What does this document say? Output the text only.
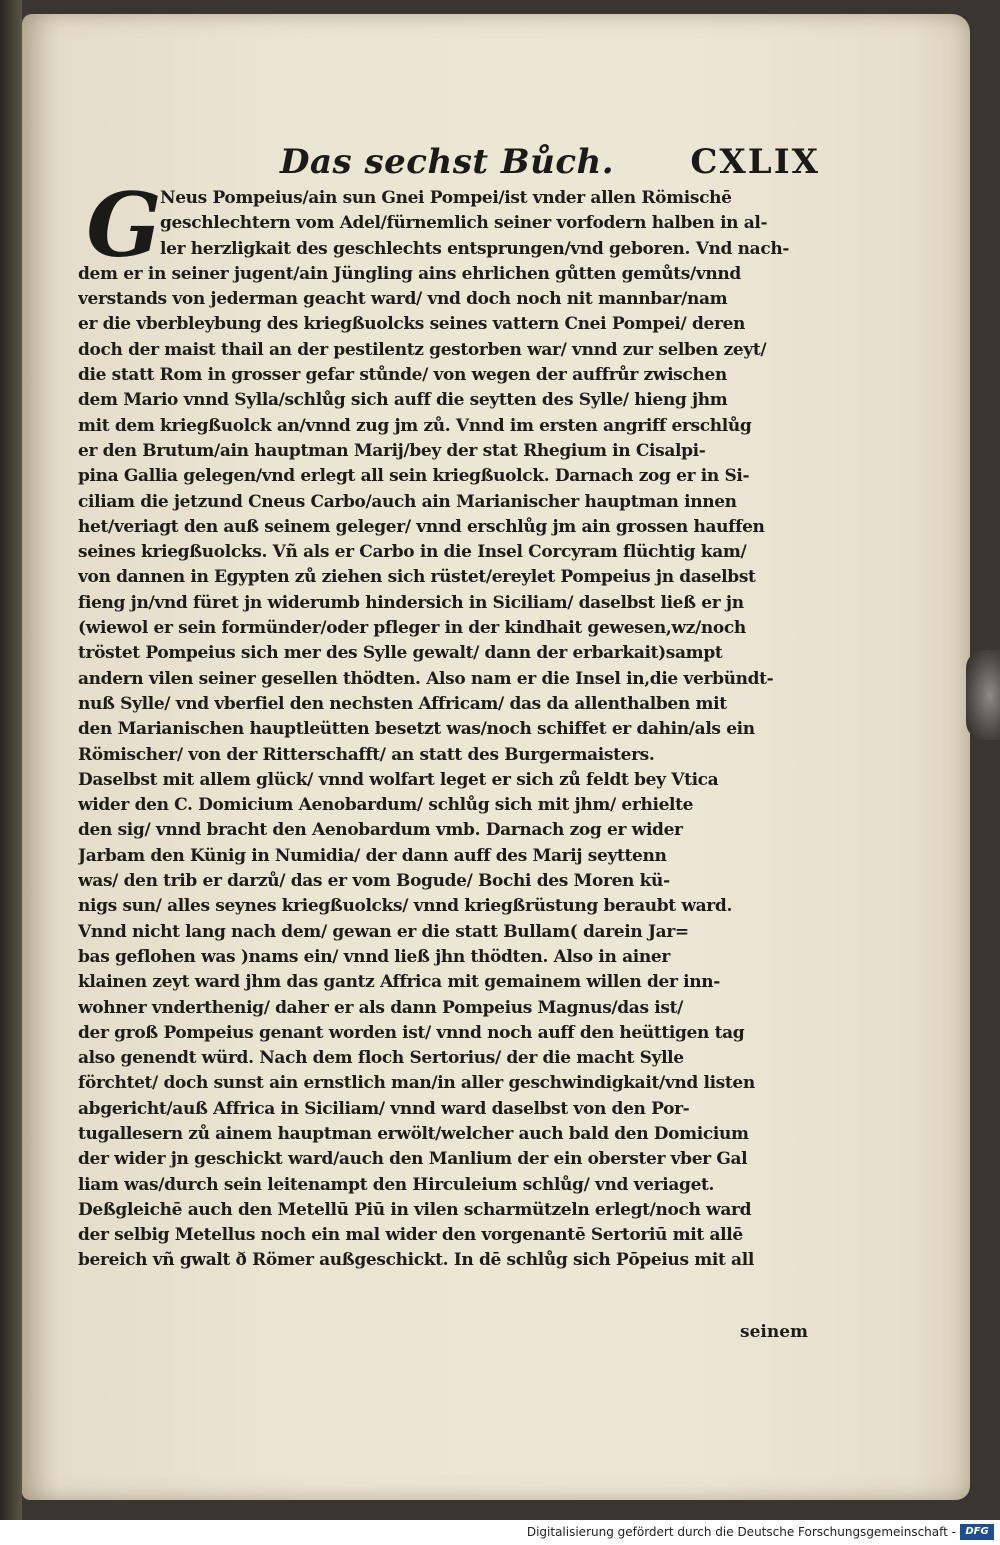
Das sechst Bůch. CXLIX
G
Neus Pompeius/ain sun Gnei Pompei/ist vnder allen Römischē
geschlechtern vom Adel/fürnemlich seiner vorfodern halben in al-
ler herzligkait des geschlechts entsprungen/vnd geboren. Vnd nach-
dem er in seiner jugent/ain Jüngling ains ehrlichen gůtten gemůts/vnnd
verstands von jederman geacht ward/ vnd doch noch nit mannbar/nam
er die vberbleybung des kriegßuolcks seines vattern Cnei Pompei/ deren
doch der maist thail an der pestilentz gestorben war/ vnnd zur selben zeyt/
die statt Rom in grosser gefar stůnde/ von wegen der auffrůr zwischen
dem Mario vnnd Sylla/schlůg sich auff die seytten des Sylle/ hieng jhm
mit dem kriegßuolck an/vnnd zug jm zů. Vnnd im ersten angriff erschlůg
er den Brutum/ain hauptman Marij/bey der stat Rhegium in Cisalpi-
pina Gallia gelegen/vnd erlegt all sein kriegßuolck. Darnach zog er in Si-
ciliam die jetzund Cneus Carbo/auch ain Marianischer hauptman innen
het/veriagt den auß seinem geleger/ vnnd erschlůg jm ain grossen hauffen
seines kriegßuolcks. Vñ als er Carbo in die Insel Corcyram flüchtig kam/
von dannen in Egypten zů ziehen sich rüstet/ereylet Pompeius jn daselbst
fieng jn/vnd füret jn widerumb hindersich in Siciliam/ daselbst ließ er jn
(wiewol er sein formünder/oder pfleger in der kindhait gewesen,wz/noch
tröstet Pompeius sich mer des Sylle gewalt/ dann der erbarkait)sampt
andern vilen seiner gesellen thödten. Also nam er die Insel in,die verbündt-
nuß Sylle/ vnd vberfiel den nechsten Affricam/ das da allenthalben mit
den Marianischen hauptleütten besetzt was/noch schiffet er dahin/als ein
Römischer/ von der Ritterschafft/ an statt des Burgermaisters.
Daselbst mit allem glück/ vnnd wolfart leget er sich zů feldt bey Vtica
wider den C. Domicium Aenobardum/ schlůg sich mit jhm/ erhielte
den sig/ vnnd bracht den Aenobardum vmb. Darnach zog er wider
Jarbam den Künig in Numidia/ der dann auff des Marij seyttenn
was/ den trib er darzů/ das er vom Bogude/ Bochi des Moren kü-
nigs sun/ alles seynes kriegßuolcks/ vnnd kriegßrüstung beraubt ward.
Vnnd nicht lang nach dem/ gewan er die statt Bullam( darein Jar=
bas geflohen was )nams ein/ vnnd ließ jhn thödten. Also in ainer
klainen zeyt ward jhm das gantz Affrica mit gemainem willen der inn-
wohner vnderthenig/ daher er als dann Pompeius Magnus/das ist/
der groß Pompeius genant worden ist/ vnnd noch auff den heüttigen tag
also genendt würd. Nach dem floch Sertorius/ der die macht Sylle
förchtet/ doch sunst ain ernstlich man/in aller geschwindigkait/vnd listen
abgericht/auß Affrica in Siciliam/ vnnd ward daselbst von den Por-
tugallesern zů ainem hauptman erwölt/welcher auch bald den Domicium
der wider jn geschickt ward/auch den Manlium der ein oberster vber Gal
liam was/durch sein leitenampt den Hirculeium schlůg/ vnd veriaget.
Deßgleichē auch den Metellū Piū in vilen scharmützeln erlegt/noch ward
der selbig Metellus noch ein mal wider den vorgenantē Sertoriū mit allē
bereich vñ gwalt ð Römer außgeschickt. In dē schlůg sich Pōpeius mit all
seinem
Digitalisierung gefördert durch die Deutsche Forschungsgemeinschaft - DFG
